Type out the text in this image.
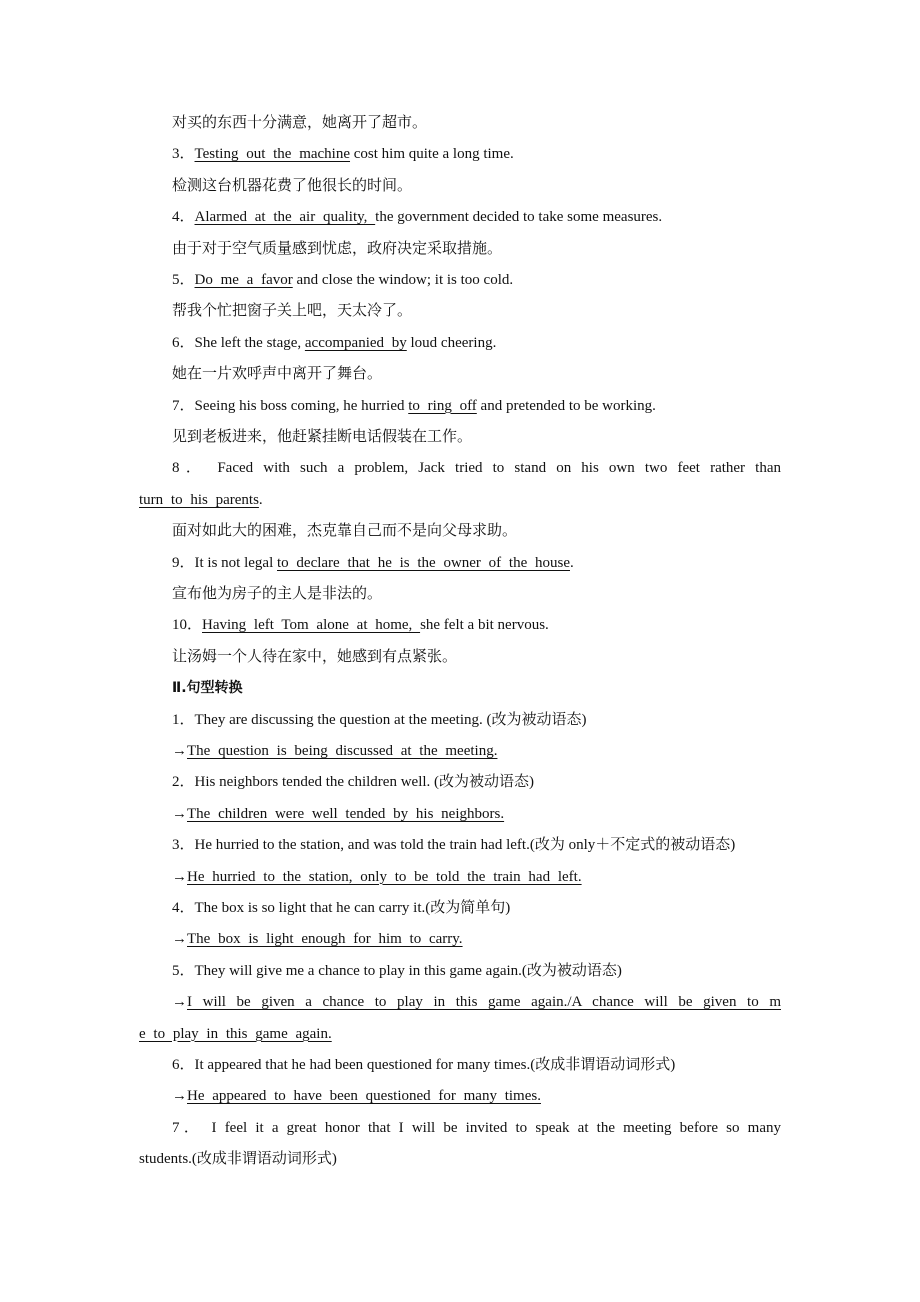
对买的东西十分满意，她离开了超市。
3．Testing out the machine cost him quite a long time.
检测这台机器花费了他很长的时间。
4．Alarmed at the air quality, the government decided to take some measures.
由于对于空气质量感到忧虑，政府决定采取措施。
5．Do me a favor and close the window; it is too cold.
帮我个忙把窗子关上吧，天太冷了。
6．She left the stage, accompanied by loud cheering.
她在一片欢呼声中离开了舞台。
7．Seeing his boss coming, he hurried to ring off and pretended to be working.
见到老板进来，他赶紧挂断电话假装在工作。
8． Faced with such a problem, Jack tried to stand on his own two feet rather than
turn to his parents.
面对如此大的困难，杰克靠自己而不是向父母求助。
9．It is not legal to declare that he is the owner of the house.
宣布他为房子的主人是非法的。
10．Having left Tom alone at home, she felt a bit nervous.
让汤姆一个人待在家中，她感到有点紧张。
Ⅱ.句型转换
1．They are discussing the question at the meeting. (改为被动语态)
→The question is being discussed at the meeting.
2．His neighbors tended the children well. (改为被动语态)
→The children were well tended by his neighbors.
3．He hurried to the station, and was told the train had left.(改为 only＋不定式的被动语态)
→He hurried to the station, only to be told the train had left.
4．The box is so light that he can carry it.(改为简单句)
→The box is light enough for him to carry.
5．They will give me a chance to play in this game again.(改为被动语态)
→I will be given a chance to play in this game again./A chance will be given to m
e to play in this game again.
6．It appeared that he had been questioned for many times.(改成非谓语动词形式)
→He appeared to have been questioned for many times.
7． I feel it a great honor that I will be invited to speak at the meeting before so many
students.(改成非谓语动词形式)
